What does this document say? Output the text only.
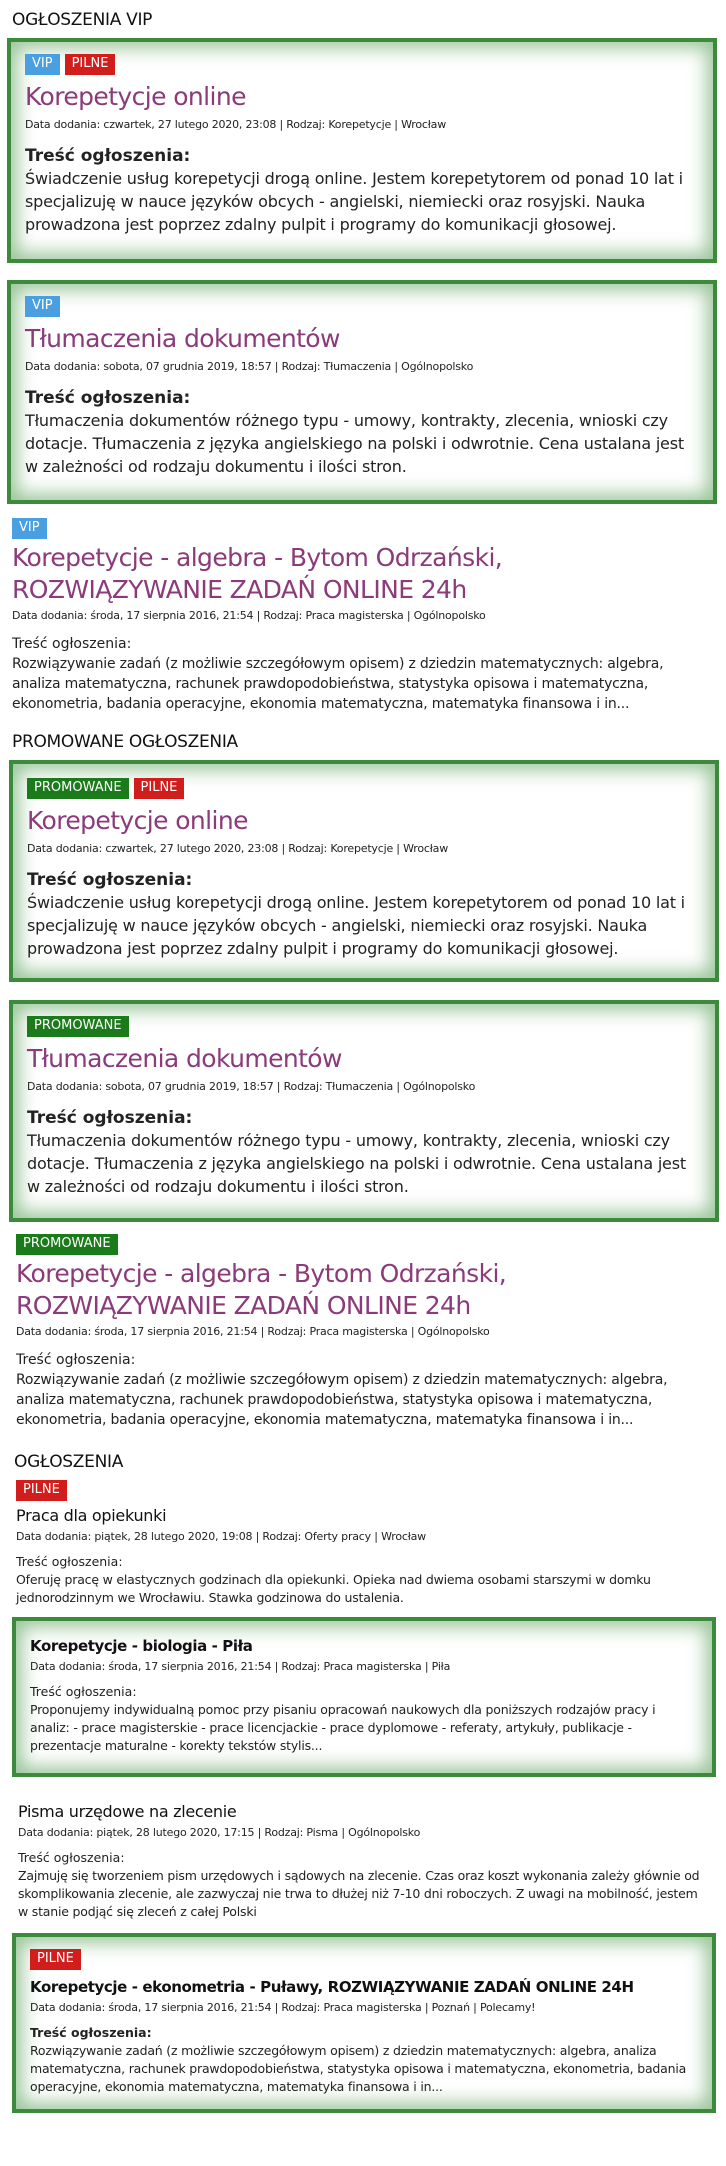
OGŁOSZENIA VIP
VIP	PILNE
Korepetycje online

Data dodania: czwartek, 27 lutego 2020, 23:08 | Rodzaj: Korepetycje | Wrocław

Treść ogłoszenia:

Świadczenie usług korepetycji drogą online. Jestem korepetytorem od ponad 10 lat i specjalizuję w nauce języków obcych - angielski, niemiecki oraz rosyjski. Nauka prowadzona jest poprzez zdalny pulpit i programy do komunikacji głosowej.

VIP
Tłumaczenia dokumentów

Data dodania: sobota, 07 grudnia 2019, 18:57 | Rodzaj: Tłumaczenia | Ogólnopolsko

Treść ogłoszenia:

Tłumaczenia dokumentów różnego typu - umowy, kontrakty, zlecenia, wnioski czy dotacje. Tłumaczenia z języka angielskiego na polski i odwrotnie. Cena ustalana jest w zależności od rodzaju dokumentu i ilości stron.

VIP
Korepetycje - algebra - Bytom Odrzański, ROZWIĄZYWANIE ZADAŃ ONLINE 24h

Data dodania: środa, 17 sierpnia 2016, 21:54 | Rodzaj: Praca magisterska | Ogólnopolsko

Treść ogłoszenia:

Rozwiązywanie zadań (z możliwie szczegółowym opisem) z dziedzin matematycznych: algebra, analiza matematyczna, rachunek prawdopodobieństwa, statystyka opisowa i matematyczna, ekonometria, badania operacyjne, ekonomia matematyczna, matematyka finansowa i in...

PROMOWANE OGŁOSZENIA
PROMOWANE	PILNE
Korepetycje online

Data dodania: czwartek, 27 lutego 2020, 23:08 | Rodzaj: Korepetycje | Wrocław

Treść ogłoszenia:

Świadczenie usług korepetycji drogą online. Jestem korepetytorem od ponad 10 lat i specjalizuję w nauce języków obcych - angielski, niemiecki oraz rosyjski. Nauka prowadzona jest poprzez zdalny pulpit i programy do komunikacji głosowej.

PROMOWANE
Tłumaczenia dokumentów

Data dodania: sobota, 07 grudnia 2019, 18:57 | Rodzaj: Tłumaczenia | Ogólnopolsko

Treść ogłoszenia:

Tłumaczenia dokumentów różnego typu - umowy, kontrakty, zlecenia, wnioski czy dotacje. Tłumaczenia z języka angielskiego na polski i odwrotnie. Cena ustalana jest w zależności od rodzaju dokumentu i ilości stron.

PROMOWANE
Korepetycje - algebra - Bytom Odrzański, ROZWIĄZYWANIE ZADAŃ ONLINE 24h

Data dodania: środa, 17 sierpnia 2016, 21:54 | Rodzaj: Praca magisterska | Ogólnopolsko

Treść ogłoszenia:

Rozwiązywanie zadań (z możliwie szczegółowym opisem) z dziedzin matematycznych: algebra, analiza matematyczna, rachunek prawdopodobieństwa, statystyka opisowa i matematyczna, ekonometria, badania operacyjne, ekonomia matematyczna, matematyka finansowa i in...

OGŁOSZENIA
PILNE
Praca dla opiekunki

Data dodania: piątek, 28 lutego 2020, 19:08 | Rodzaj: Oferty pracy | Wrocław

Treść ogłoszenia:

Oferuję pracę w elastycznych godzinach dla opiekunki. Opieka nad dwiema osobami starszymi w domku jednorodzinnym we Wrocławiu. Stawka godzinowa do ustalenia.

Korepetycje - biologia - Piła

Data dodania: środa, 17 sierpnia 2016, 21:54 | Rodzaj: Praca magisterska | Piła

Treść ogłoszenia:

Proponujemy indywidualną pomoc przy pisaniu opracowań naukowych dla poniższych rodzajów pracy i analiz: - prace magisterskie - prace licencjackie - prace dyplomowe - referaty, artykuły, publikacje - prezentacje maturalne - korekty tekstów stylis...

Pisma urzędowe na zlecenie

Data dodania: piątek, 28 lutego 2020, 17:15 | Rodzaj: Pisma | Ogólnopolsko

Treść ogłoszenia:

Zajmuję się tworzeniem pism urzędowych i sądowych na zlecenie. Czas oraz koszt wykonania zależy głównie od skomplikowania zlecenie, ale zazwyczaj nie trwa to dłużej niż 7-10 dni roboczych. Z uwagi na mobilność, jestem w stanie podjąć się zleceń z całej Polski

PILNE
Korepetycje - ekonometria - Puławy, ROZWIĄZYWANIE ZADAŃ ONLINE 24H

Data dodania: środa, 17 sierpnia 2016, 21:54 | Rodzaj: Praca magisterska | Poznań | Polecamy!

Treść ogłoszenia:

Rozwiązywanie zadań (z możliwie szczegółowym opisem) z dziedzin matematycznych: algebra, analiza matematyczna, rachunek prawdopodobieństwa, statystyka opisowa i matematyczna, ekonometria, badania operacyjne, ekonomia matematyczna, matematyka finansowa i in...
